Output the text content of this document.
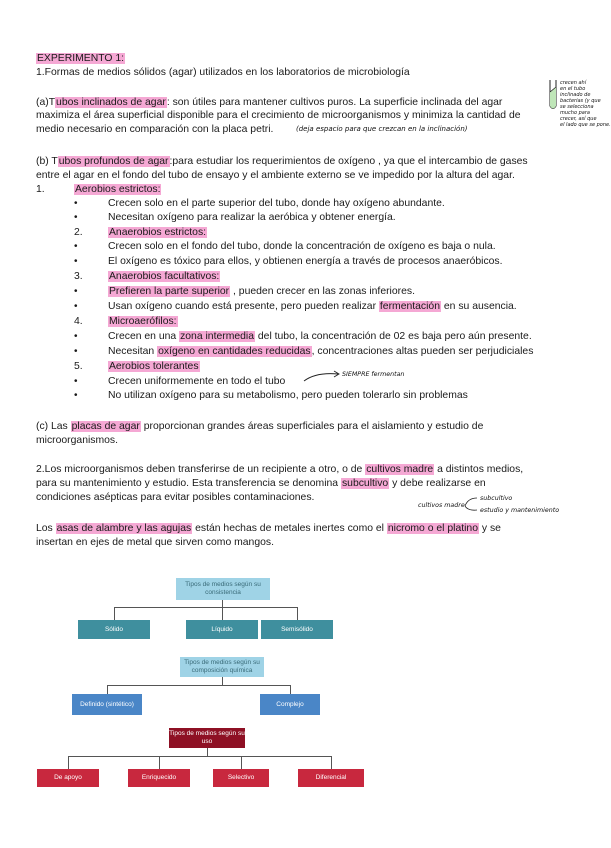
EXPERIMENTO 1:
1.Formas de medios sólidos (agar) utilizados en los laboratorios de microbiología
(a)Tubos inclinados de agar: son útiles para mantener cultivos puros. La superficie inclinada del agar
maximiza el área superficial disponible para el crecimiento de microorganismos y minimiza la cantidad de
medio necesario en comparación con la placa petri.	(deja espacio para que crezcan en la inclinación)
crecen ahí
en el tubo
inclinado de
bacterias (y que
se selecciona
mucho para
crecer, así que
el lado que se pone.
(b) Tubos profundos de agar:para estudiar los requerimientos de oxígeno , ya que el intercambio de gases
entre el agar en el fondo del tubo de ensayo y el ambiente externo se ve impedido por la altura del agar.
1.	Aerobios estrictos:
•	Crecen solo en el parte superior del tubo, donde hay oxígeno abundante.
•	Necesitan oxígeno para realizar la aeróbica y obtener energía.
2.	Anaerobios estrictos:
•	Crecen solo en el fondo del tubo, donde la concentración de oxígeno es baja o nula.
•	El oxígeno es tóxico para ellos, y obtienen energía a través de procesos anaeróbicos.
3.	Anaerobios facultativos:
•	Prefieren la parte superior , pueden crecer en las zonas inferiores.
•	Usan oxígeno cuando está presente, pero pueden realizar fermentación en su ausencia.
4.	Microaerófilos:
•	Crecen en una zona intermedia del tubo, la concentración de 02 es baja pero aún presente.
•	Necesitan oxígeno en cantidades reducidas, concentraciones altas pueden ser perjudiciales
5.	Aerobios tolerantes
•	Crecen uniformemente en todo el tubo
SIEMPRE fermentan
•	No utilizan oxígeno para su metabolismo, pero pueden tolerarlo sin problemas
(c) Las placas de agar proporcionan grandes áreas superficiales para el aislamiento y estudio de
microorganismos.
2.Los microorganismos deben transferirse de un recipiente a otro, o de cultivos madre a distintos medios,
para su mantenimiento y estudio. Esta transferencia se denomina subcultivo y debe realizarse en
condiciones asépticas para evitar posibles contaminaciones.
cultivos madre
subcultivo
estudio y mantenimiento
Los asas de alambre y las agujas están hechas de metales inertes como el nicromo o el platino y se
insertan en ejes de metal que sirven como mangos.
Tipos de medios según su consistencia
Sólido	Líquido	Semisólido
Tipos de medios según su composición química
Definido (sintético)	Complejo
Tipos de medios según su uso
De apoyo	Enriquecido	Selectivo	Diferencial
